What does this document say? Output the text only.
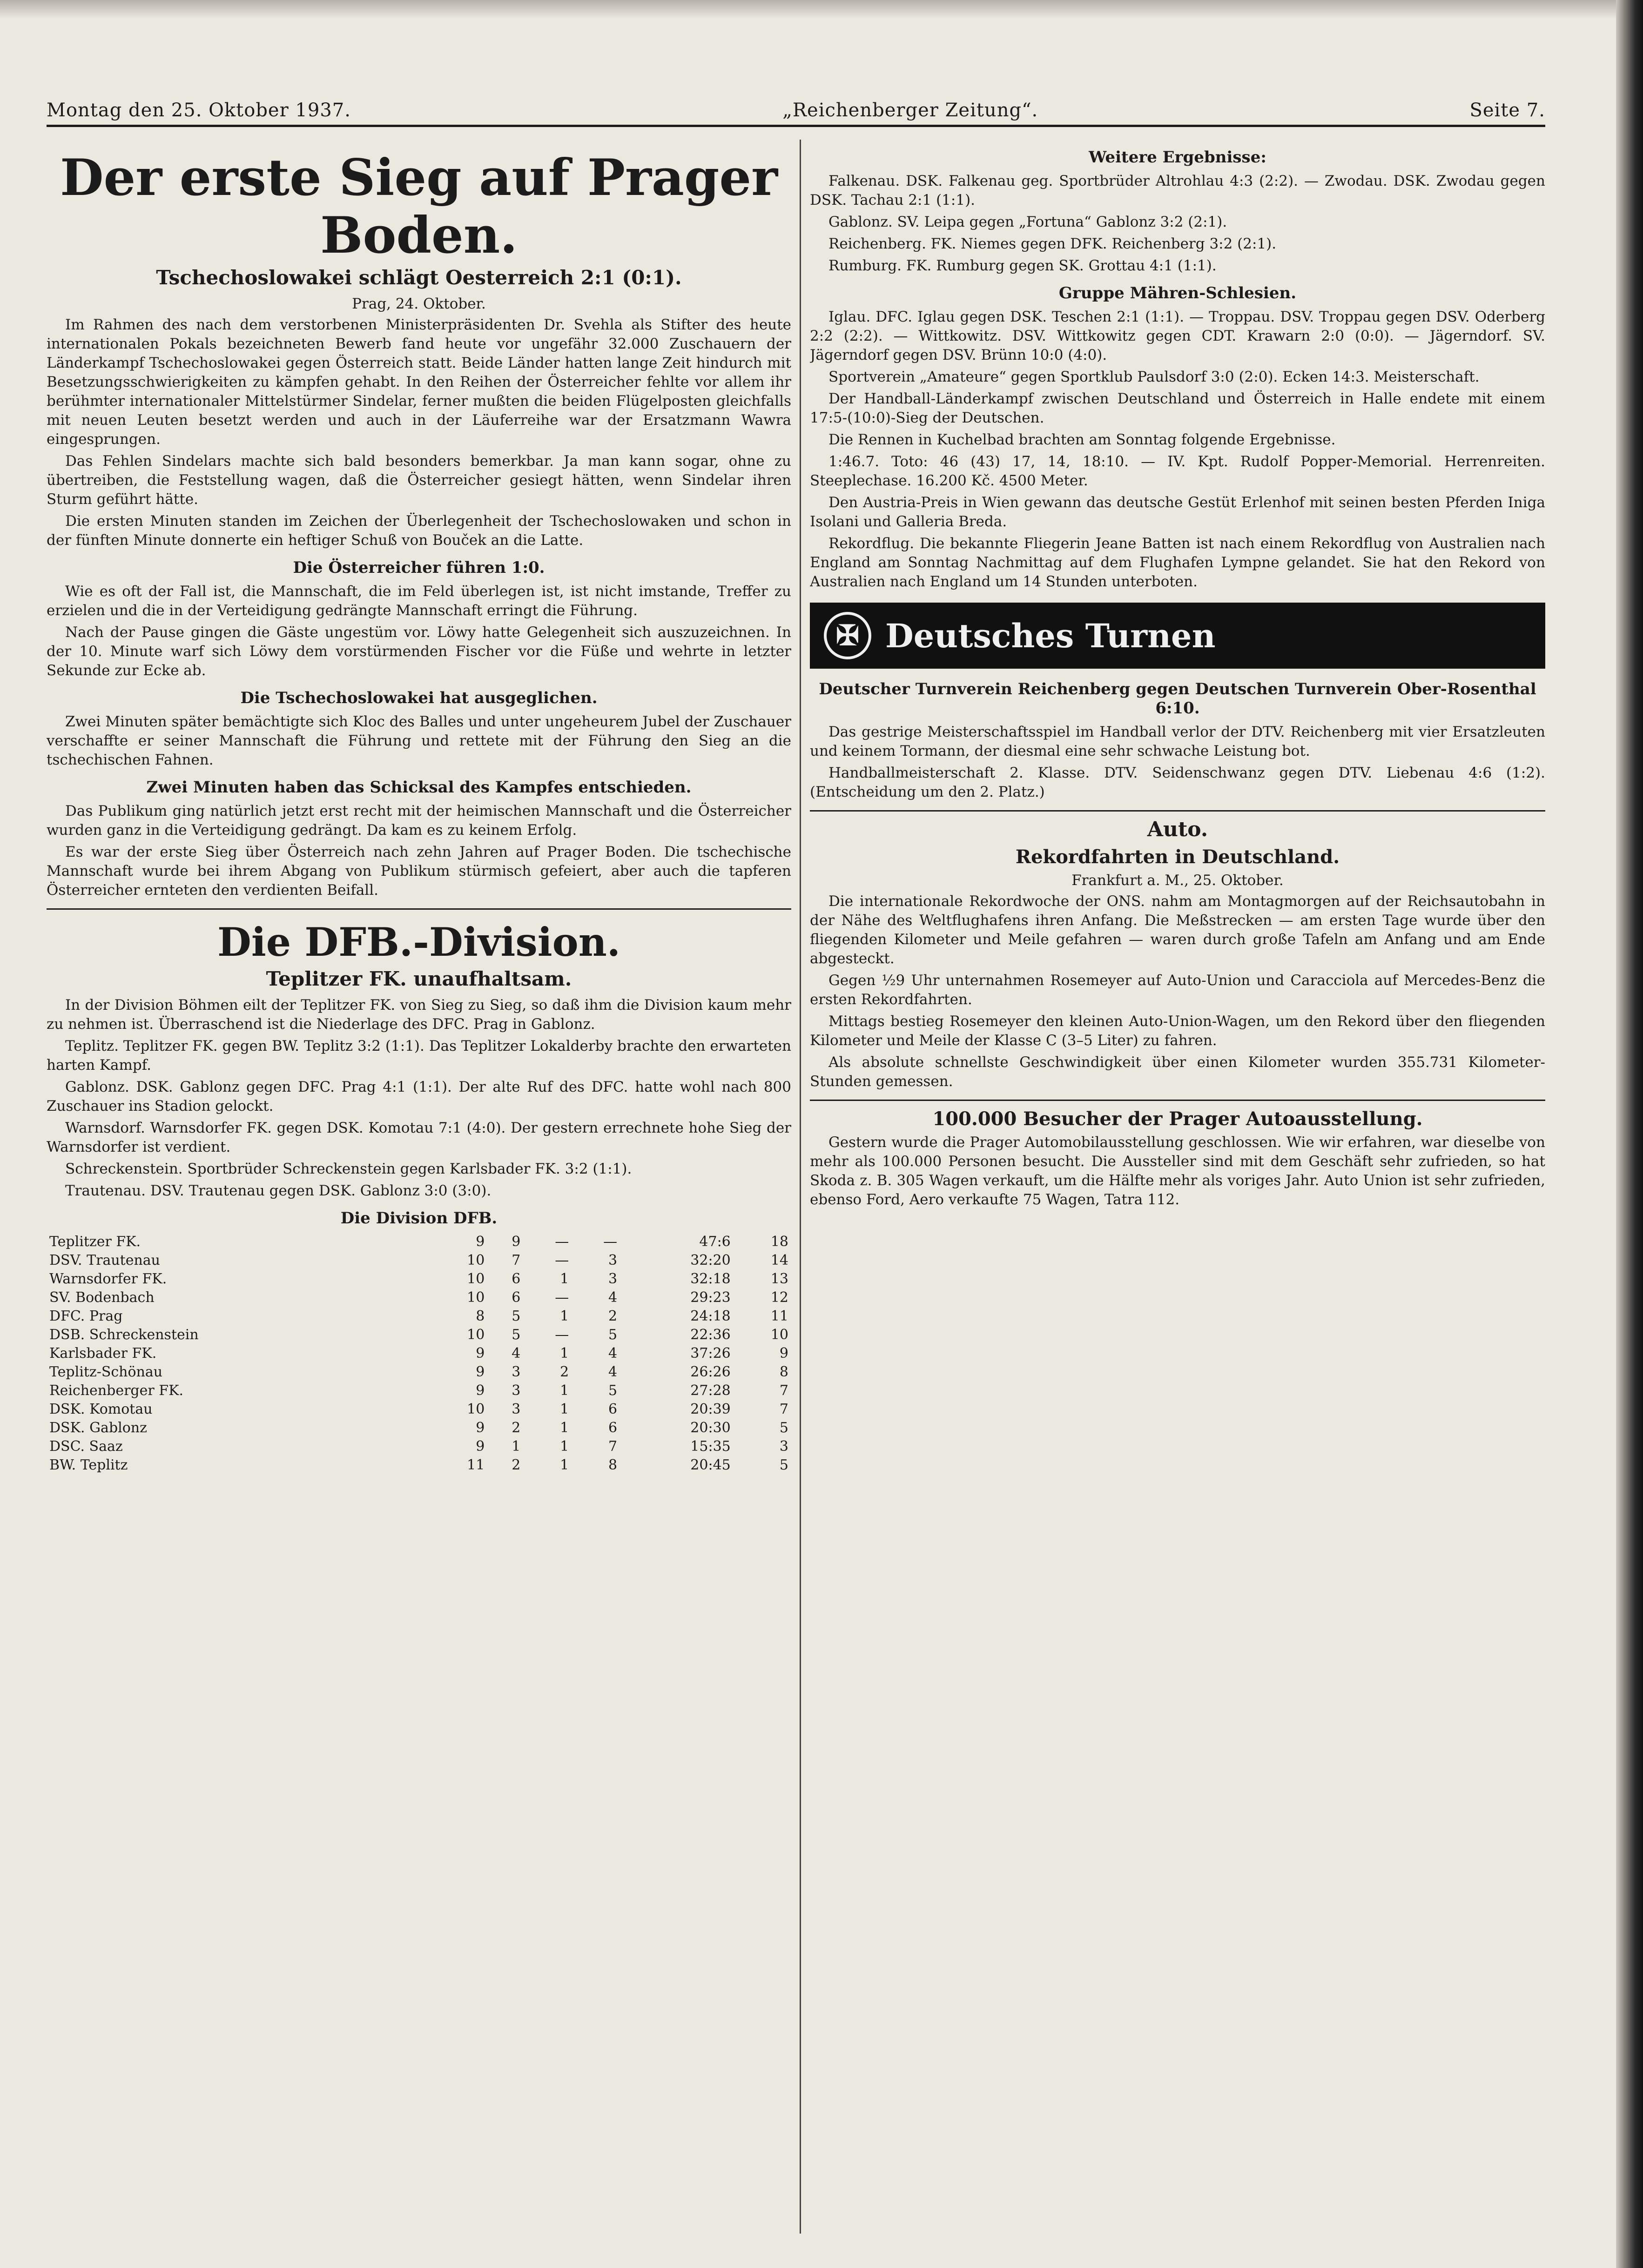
Montag den 25. Oktober 1937.	„Reichenberger Zeitung“.	Seite 7.
Der erste Sieg auf Prager Boden.
Tschechoslowakei schlägt Oesterreich 2:1 (0:1).
Prag, 24. Oktober.

Im Rahmen des nach dem verstorbenen Ministerpräsidenten Dr. Svehla als Stifter des heute internationalen Pokals bezeichneten Bewerb fand heute vor ungefähr 32.000 Zuschauern der Länderkampf Tschechoslowakei gegen Österreich statt. Beide Länder hatten lange Zeit hindurch mit Besetzungsschwierigkeiten zu kämpfen gehabt. In den Reihen der Österreicher fehlte vor allem ihr berühmter internationaler Mittelstürmer Sindelar, ferner mußten die beiden Flügelposten gleichfalls mit neuen Leuten besetzt werden und auch in der Läuferreihe war der Ersatzmann Wawra eingesprungen.

Das Fehlen Sindelars machte sich bald besonders bemerkbar. Ja man kann sogar, ohne zu übertreiben, die Feststellung wagen, daß die Österreicher gesiegt hätten, wenn Sindelar ihren Sturm geführt hätte.

Die ersten Minuten standen im Zeichen der Überlegenheit der Tschechoslowaken und schon in der fünften Minute donnerte ein heftiger Schuß von Bouček an die Latte.

Die Österreicher führen 1:0.

Wie es oft der Fall ist, die Mannschaft, die im Feld überlegen ist, ist nicht imstande, Treffer zu erzielen und die in der Verteidigung gedrängte Mannschaft erringt die Führung.

Nach der Pause gingen die Gäste ungestüm vor. Löwy hatte Gelegenheit sich auszuzeichnen. In der 10. Minute warf sich Löwy dem vorstürmenden Fischer vor die Füße und wehrte in letzter Sekunde zur Ecke ab.

Die Tschechoslowakei hat ausgeglichen.

Zwei Minuten später bemächtigte sich Kloc des Balles und unter ungeheurem Jubel der Zuschauer verschaffte er seiner Mannschaft die Führung und rettete mit der Führung den Sieg an die tschechischen Fahnen.

Zwei Minuten haben das Schicksal des Kampfes entschieden.

Das Publikum ging natürlich jetzt erst recht mit der heimischen Mannschaft und die Österreicher wurden ganz in die Verteidigung gedrängt. Da kam es zu keinem Erfolg.

Es war der erste Sieg über Österreich nach zehn Jahren auf Prager Boden. Die tschechische Mannschaft wurde bei ihrem Abgang von Publikum stürmisch gefeiert, aber auch die tapferen Österreicher ernteten den verdienten Beifall.

Die DFB.-Division.
Teplitzer FK. unaufhaltsam.

In der Division Böhmen eilt der Teplitzer FK. von Sieg zu Sieg, so daß ihm die Division kaum mehr zu nehmen ist. Überraschend ist die Niederlage des DFC. Prag in Gablonz.

Teplitz. Teplitzer FK. gegen BW. Teplitz 3:2 (1:1). Das Teplitzer Lokalderby brachte den erwarteten harten Kampf.

Gablonz. DSK. Gablonz gegen DFC. Prag 4:1 (1:1). Der alte Ruf des DFC. hatte wohl nach 800 Zuschauer ins Stadion gelockt.

Warnsdorf. Warnsdorfer FK. gegen DSK. Komotau 7:1 (4:0). Der gestern errechnete hohe Sieg der Warnsdorfer ist verdient.

Schreckenstein. Sportbrüder Schreckenstein gegen Karlsbader FK. 3:2 (1:1).

Trautenau. DSV. Trautenau gegen DSK. Gablonz 3:0 (3:0).

Die Division DFB.
Teplitzer FK.	9	9	—	—	47:6	18
DSV. Trautenau	10	7	—	3	32:20	14
Warnsdorfer FK.	10	6	1	3	32:18	13
SV. Bodenbach	10	6	—	4	29:23	12
DFC. Prag	8	5	1	2	24:18	11
DSB. Schreckenstein	10	5	—	5	22:36	10
Karlsbader FK.	9	4	1	4	37:26	9
Teplitz-Schönau	9	3	2	4	26:26	8
Reichenberger FK.	9	3	1	5	27:28	7
DSK. Komotau	10	3	1	6	20:39	7
DSK. Gablonz	9	2	1	6	20:30	5
DSC. Saaz	9	1	1	7	15:35	3
BW. Teplitz	11	2	1	8	20:45	5
Weitere Ergebnisse:

Falkenau. DSK. Falkenau geg. Sportbrüder Altrohlau 4:3 (2:2). — Zwodau. DSK. Zwodau gegen DSK. Tachau 2:1 (1:1).

Gablonz. SV. Leipa gegen „Fortuna“ Gablonz 3:2 (2:1).

Reichenberg. FK. Niemes gegen DFK. Reichenberg 3:2 (2:1).

Rumburg. FK. Rumburg gegen SK. Grottau 4:1 (1:1).

Gruppe Mähren-Schlesien.

Iglau. DFC. Iglau gegen DSK. Teschen 2:1 (1:1). — Troppau. DSV. Troppau gegen DSV. Oderberg 2:2 (2:2). — Wittkowitz. DSV. Wittkowitz gegen CDT. Krawarn 2:0 (0:0). — Jägerndorf. SV. Jägerndorf gegen DSV. Brünn 10:0 (4:0).

Sportverein „Amateure“ gegen Sportklub Paulsdorf 3:0 (2:0). Ecken 14:3. Meisterschaft.

Der Handball-Länderkampf zwischen Deutschland und Österreich in Halle endete mit einem 17:5-(10:0)-Sieg der Deutschen.

Die Rennen in Kuchelbad brachten am Sonntag folgende Ergebnisse.

1:46.7. Toto: 46 (43) 17, 14, 18:10. — IV. Kpt. Rudolf Popper-Memorial. Herrenreiten. Steeplechase. 16.200 Kč. 4500 Meter.

Den Austria-Preis in Wien gewann das deutsche Gestüt Erlenhof mit seinen besten Pferden Iniga Isolani und Galleria Breda.

Rekordflug. Die bekannte Fliegerin Jeane Batten ist nach einem Rekordflug von Australien nach England am Sonntag Nachmittag auf dem Flughafen Lympne gelandet. Sie hat den Rekord von Australien nach England um 14 Stunden unterboten.

✠ Deutsches Turnen
Deutscher Turnverein Reichenberg gegen Deutschen Turnverein Ober-Rosenthal 6:10.

Das gestrige Meisterschaftsspiel im Handball verlor der DTV. Reichenberg mit vier Ersatzleuten und keinem Tormann, der diesmal eine sehr schwache Leistung bot.

Handballmeisterschaft 2. Klasse. DTV. Seidenschwanz gegen DTV. Liebenau 4:6 (1:2). (Entscheidung um den 2. Platz.)

Auto.
Rekordfahrten in Deutschland.
Frankfurt a. M., 25. Oktober.

Die internationale Rekordwoche der ONS. nahm am Montagmorgen auf der Reichsautobahn in der Nähe des Weltflughafens ihren Anfang. Die Meßstrecken — am ersten Tage wurde über den fliegenden Kilometer und Meile gefahren — waren durch große Tafeln am Anfang und am Ende abgesteckt.

Gegen ½9 Uhr unternahmen Rosemeyer auf Auto-Union und Caracciola auf Mercedes-Benz die ersten Rekordfahrten.

Mittags bestieg Rosemeyer den kleinen Auto-Union-Wagen, um den Rekord über den fliegenden Kilometer und Meile der Klasse C (3–5 Liter) zu fahren.

Als absolute schnellste Geschwindigkeit über einen Kilometer wurden 355.731 Kilometer-Stunden gemessen.

100.000 Besucher der Prager Autoausstellung.

Gestern wurde die Prager Automobilausstellung geschlossen. Wie wir erfahren, war dieselbe von mehr als 100.000 Personen besucht. Die Aussteller sind mit dem Geschäft sehr zufrieden, so hat Skoda z. B. 305 Wagen verkauft, um die Hälfte mehr als voriges Jahr. Auto Union ist sehr zufrieden, ebenso Ford, Aero verkaufte 75 Wagen, Tatra 112.
